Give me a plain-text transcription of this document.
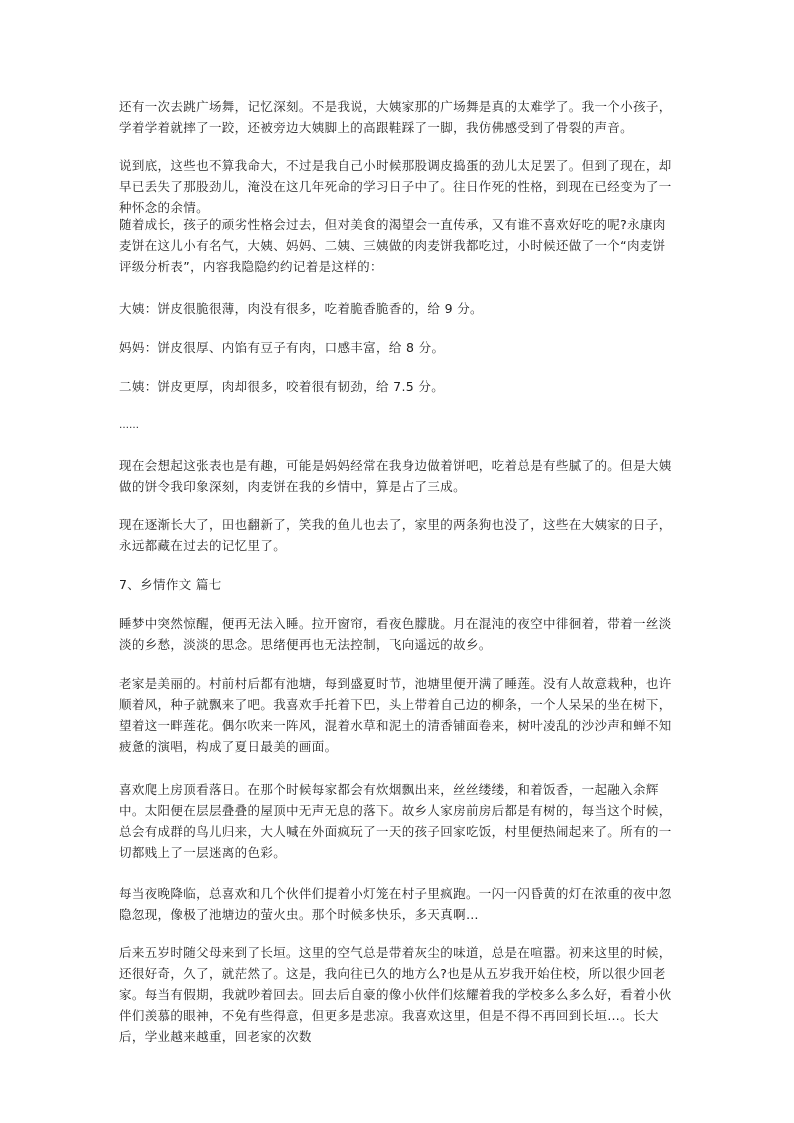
还有一次去跳广场舞，记忆深刻。不是我说，大姨家那的广场舞是真的太难学了。我一个小孩子，学着学着就摔了一跤，还被旁边大姨脚上的高跟鞋踩了一脚，我仿佛感受到了骨裂的声音。

说到底，这些也不算我命大，不过是我自己小时候那股调皮捣蛋的劲儿太足罢了。但到了现在，却早已丢失了那股劲儿，淹没在这几年死命的学习日子中了。往日作死的性格，到现在已经变为了一种怀念的余情。

随着成长，孩子的顽劣性格会过去，但对美食的渴望会一直传承，又有谁不喜欢好吃的呢?永康肉麦饼在这儿小有名气，大姨、妈妈、二姨、三姨做的肉麦饼我都吃过，小时候还做了一个“肉麦饼评级分析表”，内容我隐隐约约记着是这样的：

大姨：饼皮很脆很薄，肉没有很多，吃着脆香脆香的，给 9 分。

妈妈：饼皮很厚、内馅有豆子有肉，口感丰富，给 8 分。

二姨：饼皮更厚，肉却很多，咬着很有韧劲，给 7.5 分。

……

现在会想起这张表也是有趣，可能是妈妈经常在我身边做着饼吧，吃着总是有些腻了的。但是大姨做的饼令我印象深刻，肉麦饼在我的乡情中，算是占了三成。

现在逐渐长大了，田也翻新了，笑我的鱼儿也去了，家里的两条狗也没了，这些在大姨家的日子，永远都藏在过去的记忆里了。

7、乡情作文 篇七

睡梦中突然惊醒，便再无法入睡。拉开窗帘，看夜色朦胧。月在混沌的夜空中徘徊着，带着一丝淡淡的乡愁，淡淡的思念。思绪便再也无法控制，飞向遥远的故乡。

老家是美丽的。村前村后都有池塘，每到盛夏时节，池塘里便开满了睡莲。没有人故意栽种，也许顺着风，种子就飘来了吧。我喜欢手托着下巴，头上带着自己边的柳条，一个人呆呆的坐在树下，望着这一畔莲花。偶尔吹来一阵风，混着水草和泥土的清香铺面卷来，树叶凌乱的沙沙声和蝉不知疲惫的演唱，构成了夏日最美的画面。

喜欢爬上房顶看落日。在那个时候每家都会有炊烟飘出来，丝丝缕缕，和着饭香，一起融入余辉中。太阳便在层层叠叠的屋顶中无声无息的落下。故乡人家房前房后都是有树的，每当这个时候，总会有成群的鸟儿归来，大人喊在外面疯玩了一天的孩子回家吃饭，村里便热闹起来了。所有的一切都贱上了一层迷离的色彩。

每当夜晚降临，总喜欢和几个伙伴们提着小灯笼在村子里疯跑。一闪一闪昏黄的灯在浓重的夜中忽隐忽现，像极了池塘边的萤火虫。那个时候多快乐，多天真啊…

后来五岁时随父母来到了长垣。这里的空气总是带着灰尘的味道，总是在喧嚣。初来这里的时候，还很好奇，久了，就茫然了。这是，我向往已久的地方么?也是从五岁我开始住校，所以很少回老家。每当有假期，我就吵着回去。回去后自豪的像小伙伴们炫耀着我的学校多么多么好，看着小伙伴们羡慕的眼神，不免有些得意，但更多是悲凉。我喜欢这里，但是不得不再回到长垣…。长大后，学业越来越重，回老家的次数
